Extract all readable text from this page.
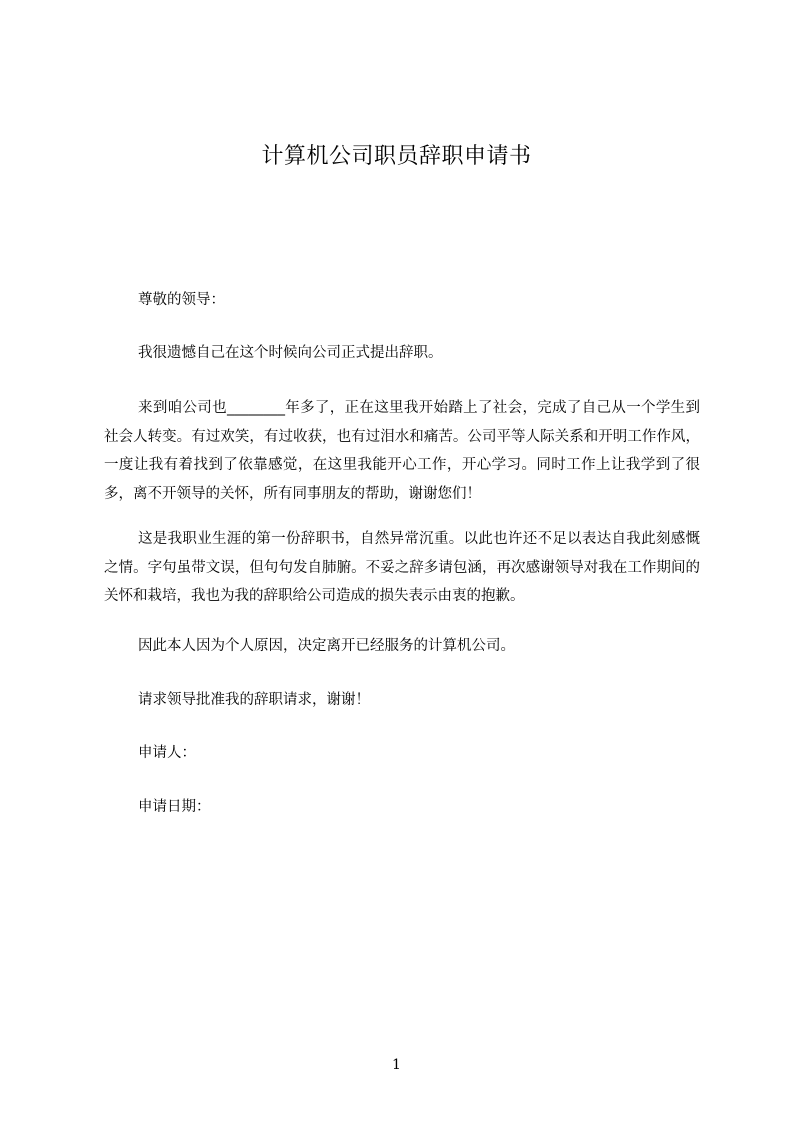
计算机公司职员辞职申请书

尊敬的领导：

我很遗憾自己在这个时候向公司正式提出辞职。

来到咱公司也________年多了，正在这里我开始踏上了社会，完成了自己从一个学生到社会人转变。有过欢笑，有过收获，也有过泪水和痛苦。公司平等人际关系和开明工作作风，一度让我有着找到了依靠感觉，在这里我能开心工作，开心学习。同时工作上让我学到了很多，离不开领导的关怀，所有同事朋友的帮助，谢谢您们！

这是我职业生涯的第一份辞职书，自然异常沉重。以此也许还不足以表达自我此刻感慨之情。字句虽带文误，但句句发自肺腑。不妥之辞多请包涵，再次感谢领导对我在工作期间的关怀和栽培，我也为我的辞职给公司造成的损失表示由衷的抱歉。

因此本人因为个人原因，决定离开已经服务的计算机公司。

请求领导批准我的辞职请求，谢谢！

申请人：

申请日期：

1
